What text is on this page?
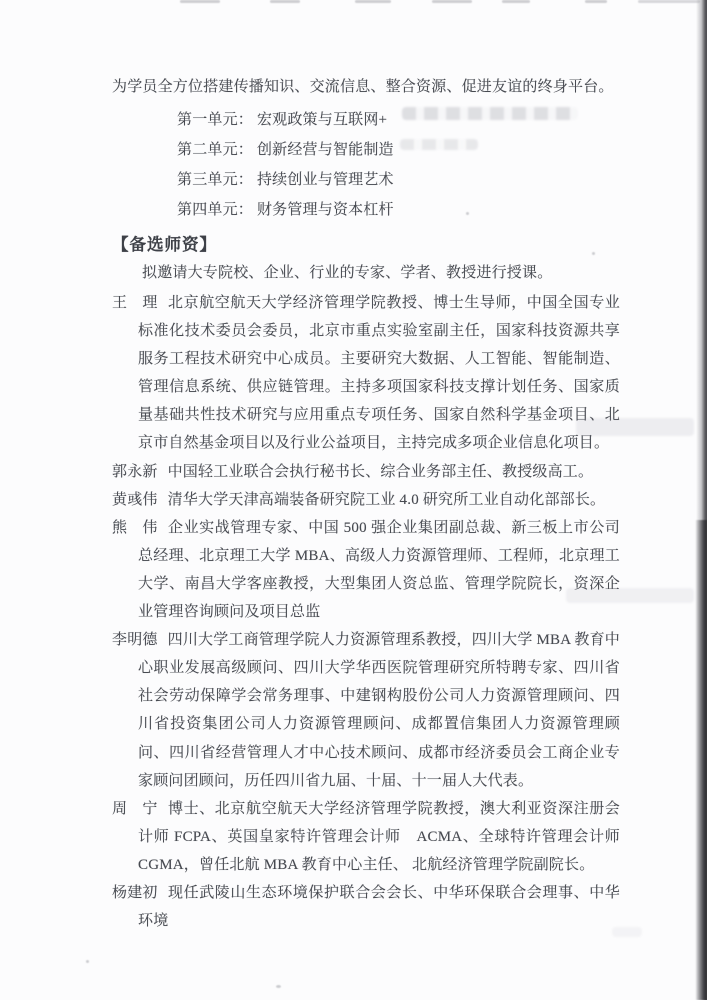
为学员全方位搭建传播知识、交流信息、整合资源、促进友谊的终身平台。

第一单元： 宏观政策与互联网+
第二单元： 创新经营与智能制造
第三单元： 持续创业与管理艺术
第四单元： 财务管理与资本杠杆
【备选师资】

拟邀请大专院校、企业、行业的专家、学者、教授进行授课。

王　理 北京航空航天大学经济管理学院教授、博士生导师，中国全国专业标准化技术委员会委员，北京市重点实验室副主任，国家科技资源共享服务工程技术研究中心成员。主要研究大数据、人工智能、智能制造、管理信息系统、供应链管理。主持多项国家科技支撑计划任务、国家质量基础共性技术研究与应用重点专项任务、国家自然科学基金项目、北京市自然基金项目以及行业公益项目，主持完成多项企业信息化项目。

郭永新 中国轻工业联合会执行秘书长、综合业务部主任、教授级高工。

黄彧伟 清华大学天津高端装备研究院工业 4.0 研究所工业自动化部部长。

熊　伟 企业实战管理专家、中国 500 强企业集团副总裁、新三板上市公司总经理、北京理工大学 MBA、高级人力资源管理师、工程师，北京理工大学、南昌大学客座教授，大型集团人资总监、管理学院院长，资深企业管理咨询顾问及项目总监

李明德 四川大学工商管理学院人力资源管理系教授，四川大学 MBA 教育中心职业发展高级顾问、四川大学华西医院管理研究所特聘专家、四川省社会劳动保障学会常务理事、中建钢构股份公司人力资源管理顾问、四川省投资集团公司人力资源管理顾问、成都置信集团人力资源管理顾问、四川省经营管理人才中心技术顾问、成都市经济委员会工商企业专家顾问团顾问，历任四川省九届、十届、十一届人大代表。

周　宁 博士、北京航空航天大学经济管理学院教授，澳大利亚资深注册会计师 FCPA、英国皇家特许管理会计师　ACMA、全球特许管理会计师 CGMA，曾任北航 MBA 教育中心主任、 北航经济管理学院副院长。

杨建初 现任武陵山生态环境保护联合会会长、中华环保联合会理事、中华环境
